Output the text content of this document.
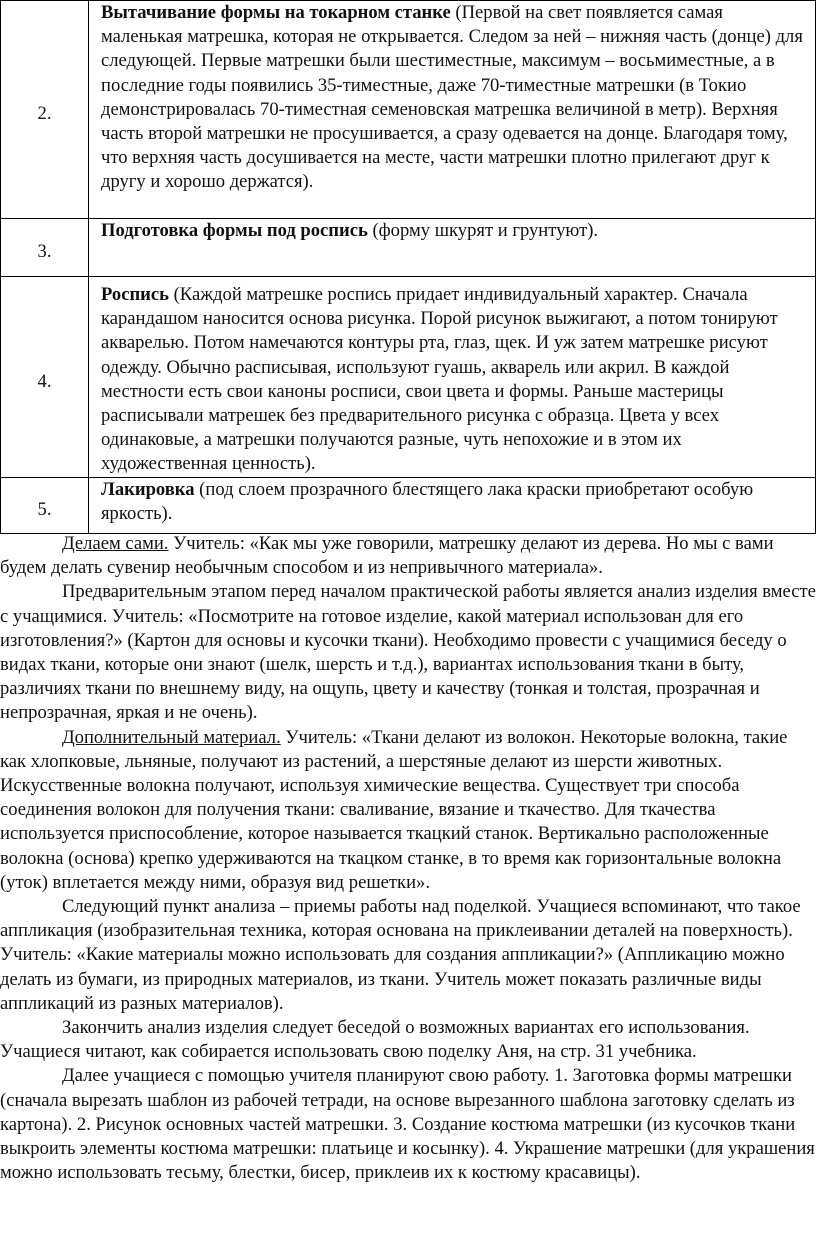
2.	Вытачивание формы на токарном станке (Первой на свет появляется самая маленькая матрешка, которая не открывается. Следом за ней – нижняя часть (донце) для следующей. Первые матрешки были шестиместные, максимум – восьмиместные, а в последние годы появились 35-тиместные, даже 70-тиместные матрешки (в Токио демонстрировалась 70-тиместная семеновская матрешка величиной в метр). Верхняя часть второй матрешки не просушивается, а сразу одевается на донце. Благодаря тому, что верхняя часть досушивается на месте, части матрешки плотно прилегают друг к другу и хорошо держатся).
3.	Подготовка формы под роспись (форму шкурят и грунтуют).
4.	Роспись (Каждой матрешке роспись придает индивидуальный характер. Сначала карандашом наносится основа рисунка. Порой рисунок выжигают, а потом тонируют акварелью. Потом намечаются контуры рта, глаз, щек. И уж затем матрешке рисуют одежду. Обычно расписывая, используют гуашь, акварель или акрил. В каждой местности есть свои каноны росписи, свои цвета и формы. Раньше мастерицы расписывали матрешек без предварительного рисунка с образца. Цвета у всех одинаковые, а матрешки получаются разные, чуть непохожие и в этом их художественная ценность).
5.	Лакировка (под слоем прозрачного блестящего лака краски приобретают особую яркость).

Делаем сами. Учитель: «Как мы уже говорили, матрешку делают из дерева. Но мы с вами будем делать сувенир необычным способом и из непривычного материала».

Предварительным этапом перед началом практической работы является анализ изделия вместе с учащимися. Учитель: «Посмотрите на готовое изделие, какой материал использован для его изготовления?» (Картон для основы и кусочки ткани). Необходимо провести с учащимися беседу о видах ткани, которые они знают (шелк, шерсть и т.д.), вариантах использования ткани в быту, различиях ткани по внешнему виду, на ощупь, цвету и качеству (тонкая и толстая, прозрачная и непрозрачная, яркая и не очень).

Дополнительный материал. Учитель: «Ткани делают из волокон. Некоторые волокна, такие как хлопковые, льняные, получают из растений, а шерстяные делают из шерсти животных. Искусственные волокна получают, используя химические вещества. Существует три способа соединения волокон для получения ткани: сваливание, вязание и ткачество. Для ткачества используется приспособление, которое называется ткацкий станок. Вертикально расположенные волокна (основа) крепко удерживаются на ткацком станке, в то время как горизонтальные волокна (уток) вплетается между ними, образуя вид решетки».

Следующий пункт анализа – приемы работы над поделкой. Учащиеся вспоминают, что такое аппликация (изобразительная техника, которая основана на приклеивании деталей на поверхность). Учитель: «Какие материалы можно использовать для создания аппликации?» (Аппликацию можно делать из бумаги, из природных материалов, из ткани. Учитель может показать различные виды аппликаций из разных материалов).

Закончить анализ изделия следует беседой о возможных вариантах его использования. Учащиеся читают, как собирается использовать свою поделку Аня, на стр. 31 учебника.

Далее учащиеся с помощью учителя планируют свою работу. 1. Заготовка формы матрешки (сначала вырезать шаблон из рабочей тетради, на основе вырезанного шаблона заготовку сделать из картона). 2. Рисунок основных частей матрешки. 3. Создание костюма матрешки (из кусочков ткани выкроить элементы костюма матрешки: платьице и косынку). 4. Украшение матрешки (для украшения можно использовать тесьму, блестки, бисер, приклеив их к костюму красавицы).
